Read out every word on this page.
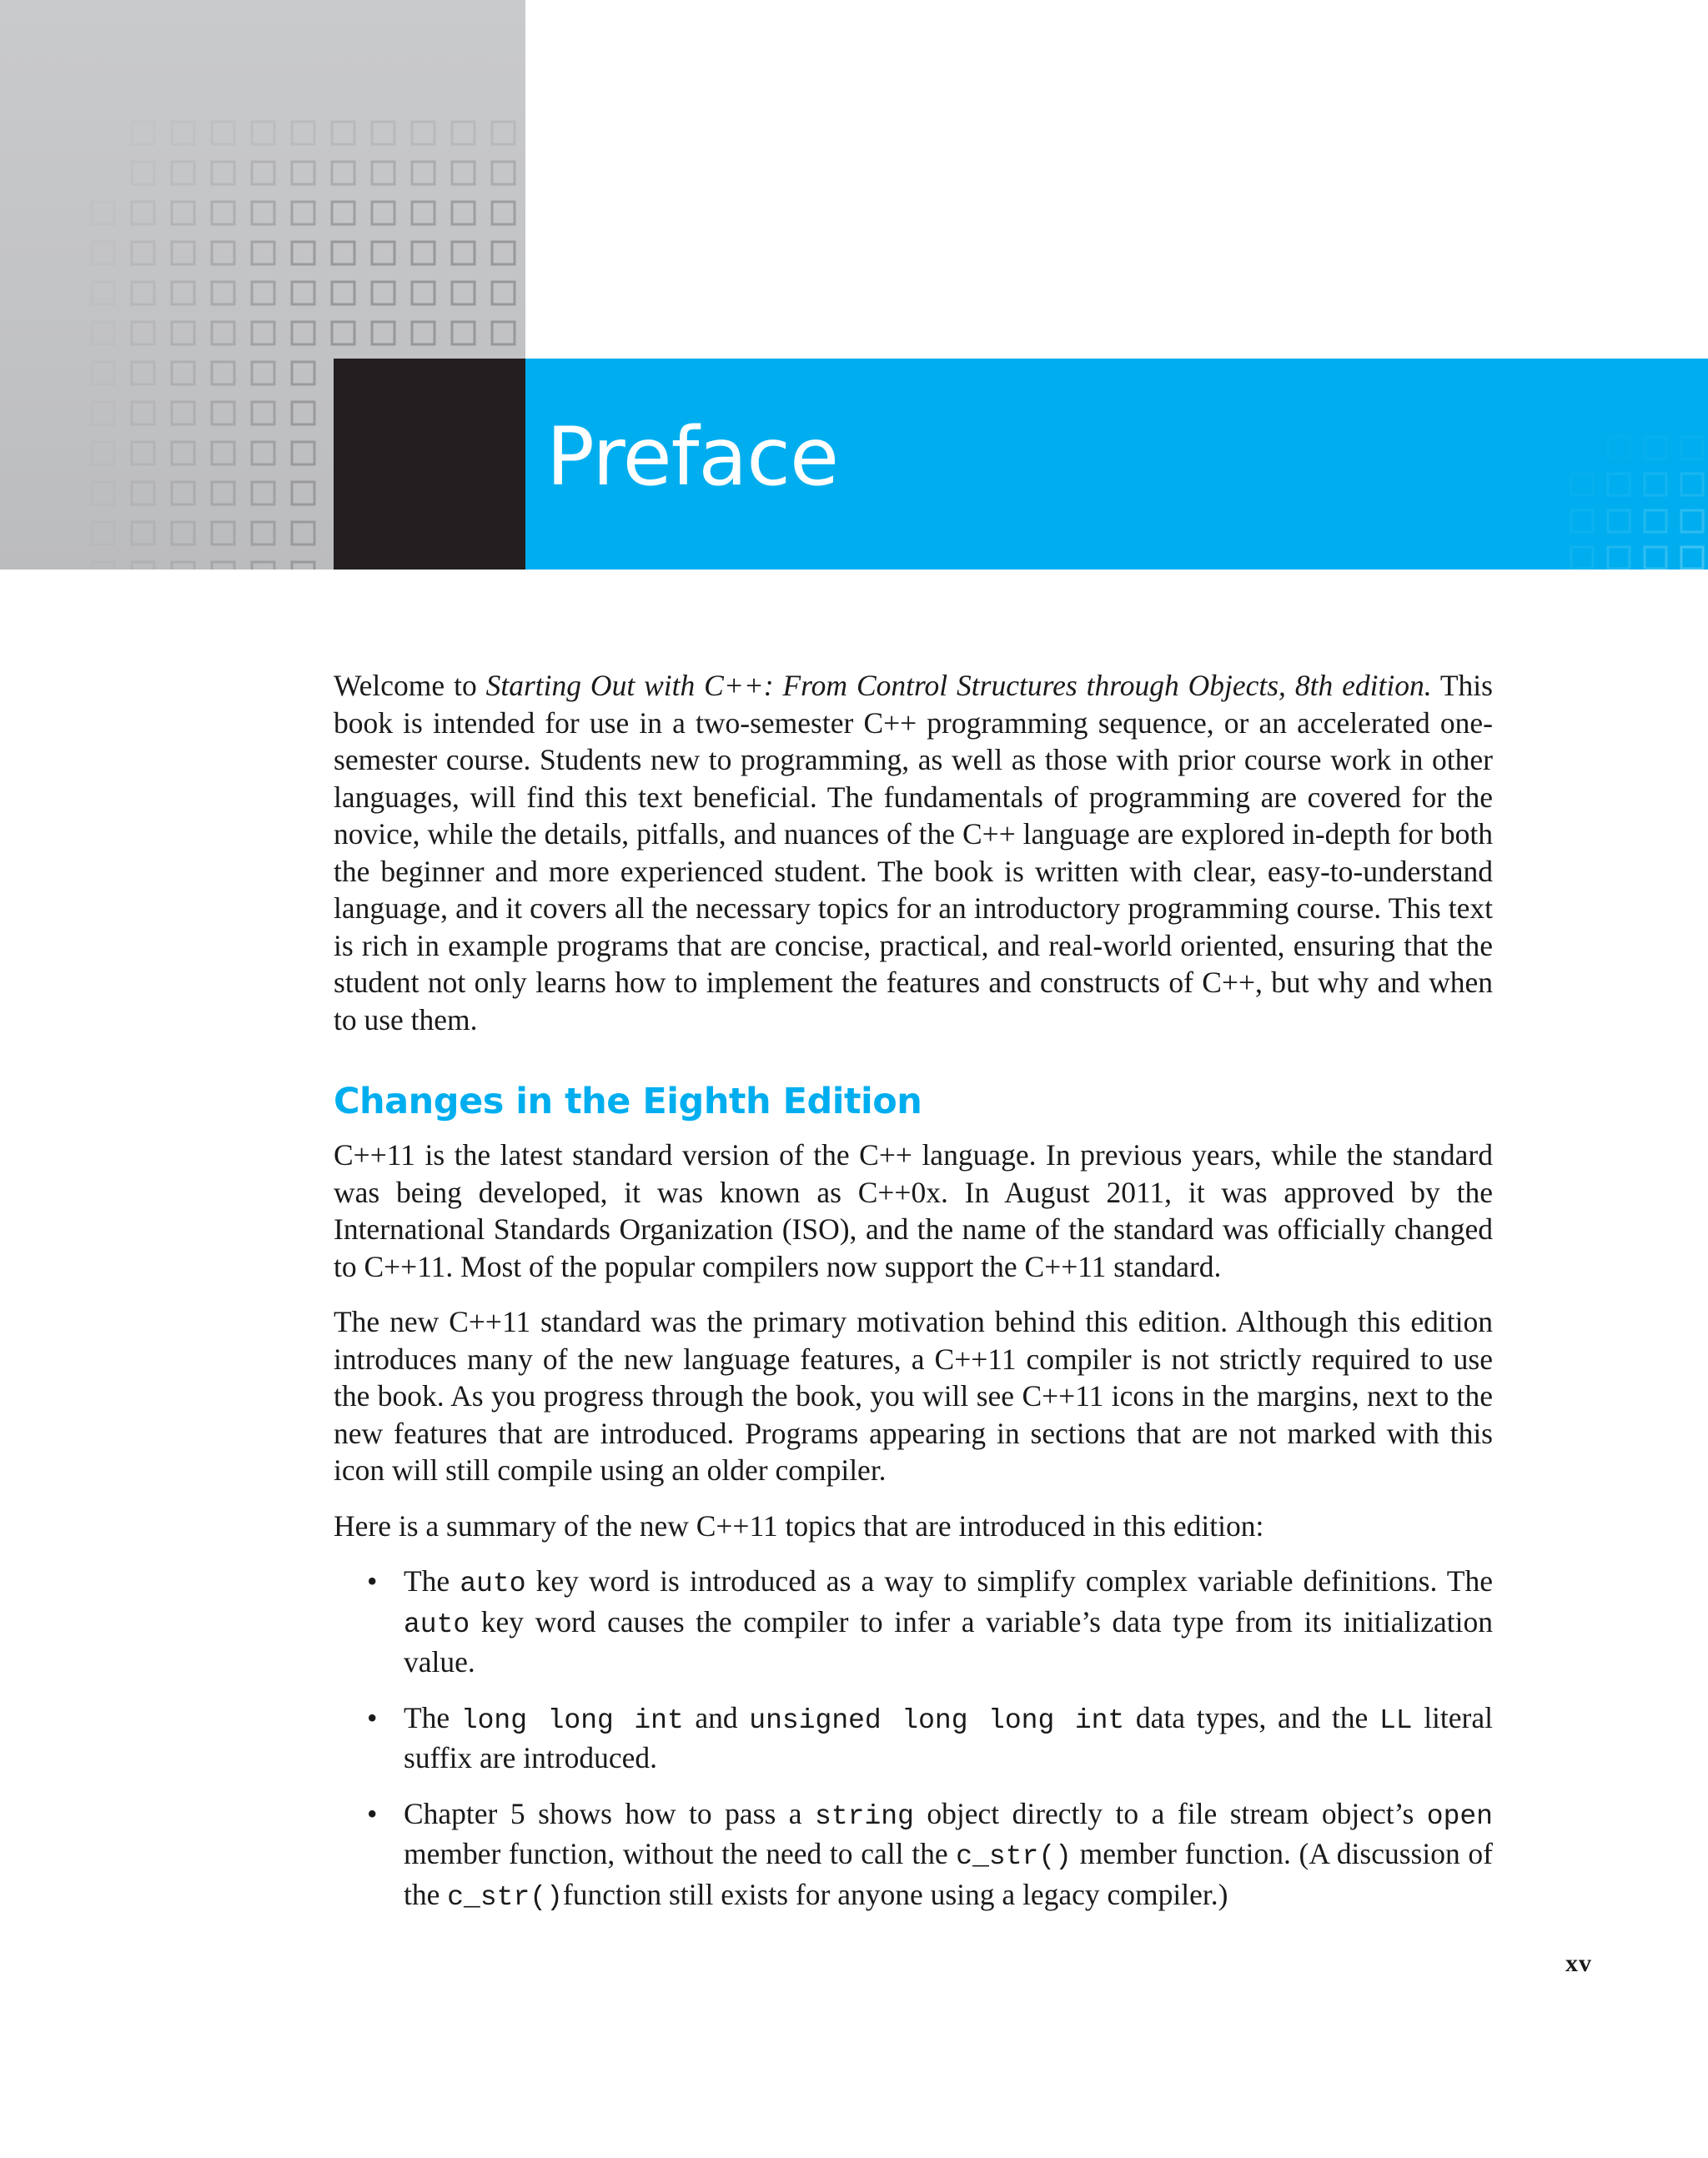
Preface

Welcome to Starting Out with C++: From Control Structures through Objects, 8th edition. This book is intended for use in a two-semester C++ programming sequence, or an accelerated one-semester course. Students new to programming, as well as those with prior course work in other languages, will find this text beneficial. The fundamentals of programming are covered for the novice, while the details, pitfalls, and nuances of the C++ language are explored in-depth for both the beginner and more experienced student. The book is written with clear, easy-to-understand language, and it covers all the necessary topics for an introductory programming course. This text is rich in example programs that are concise, practical, and real-world oriented, ensuring that the student not only learns how to implement the features and constructs of C++, but why and when to use them.

Changes in the Eighth Edition

C++11 is the latest standard version of the C++ language. In previous years, while the standard was being developed, it was known as C++0x. In August 2011, it was approved by the International Standards Organization (ISO), and the name of the standard was officially changed to C++11. Most of the popular compilers now support the C++11 standard.

The new C++11 standard was the primary motivation behind this edition. Although this edition introduces many of the new language features, a C++11 compiler is not strictly required to use the book. As you progress through the book, you will see C++11 icons in the margins, next to the new features that are introduced. Programs appearing in sections that are not marked with this icon will still compile using an older compiler.

Here is a summary of the new C++11 topics that are introduced in this edition:

• The auto key word is introduced as a way to simplify complex variable definitions. The auto key word causes the compiler to infer a variable’s data type from its initialization value.
• The long long int and unsigned long long int data types, and the LL literal suffix are introduced.
• Chapter 5 shows how to pass a string object directly to a file stream object’s open member function, without the need to call the c_str() member function. (A discussion of the c_str()function still exists for anyone using a legacy compiler.)
xv
